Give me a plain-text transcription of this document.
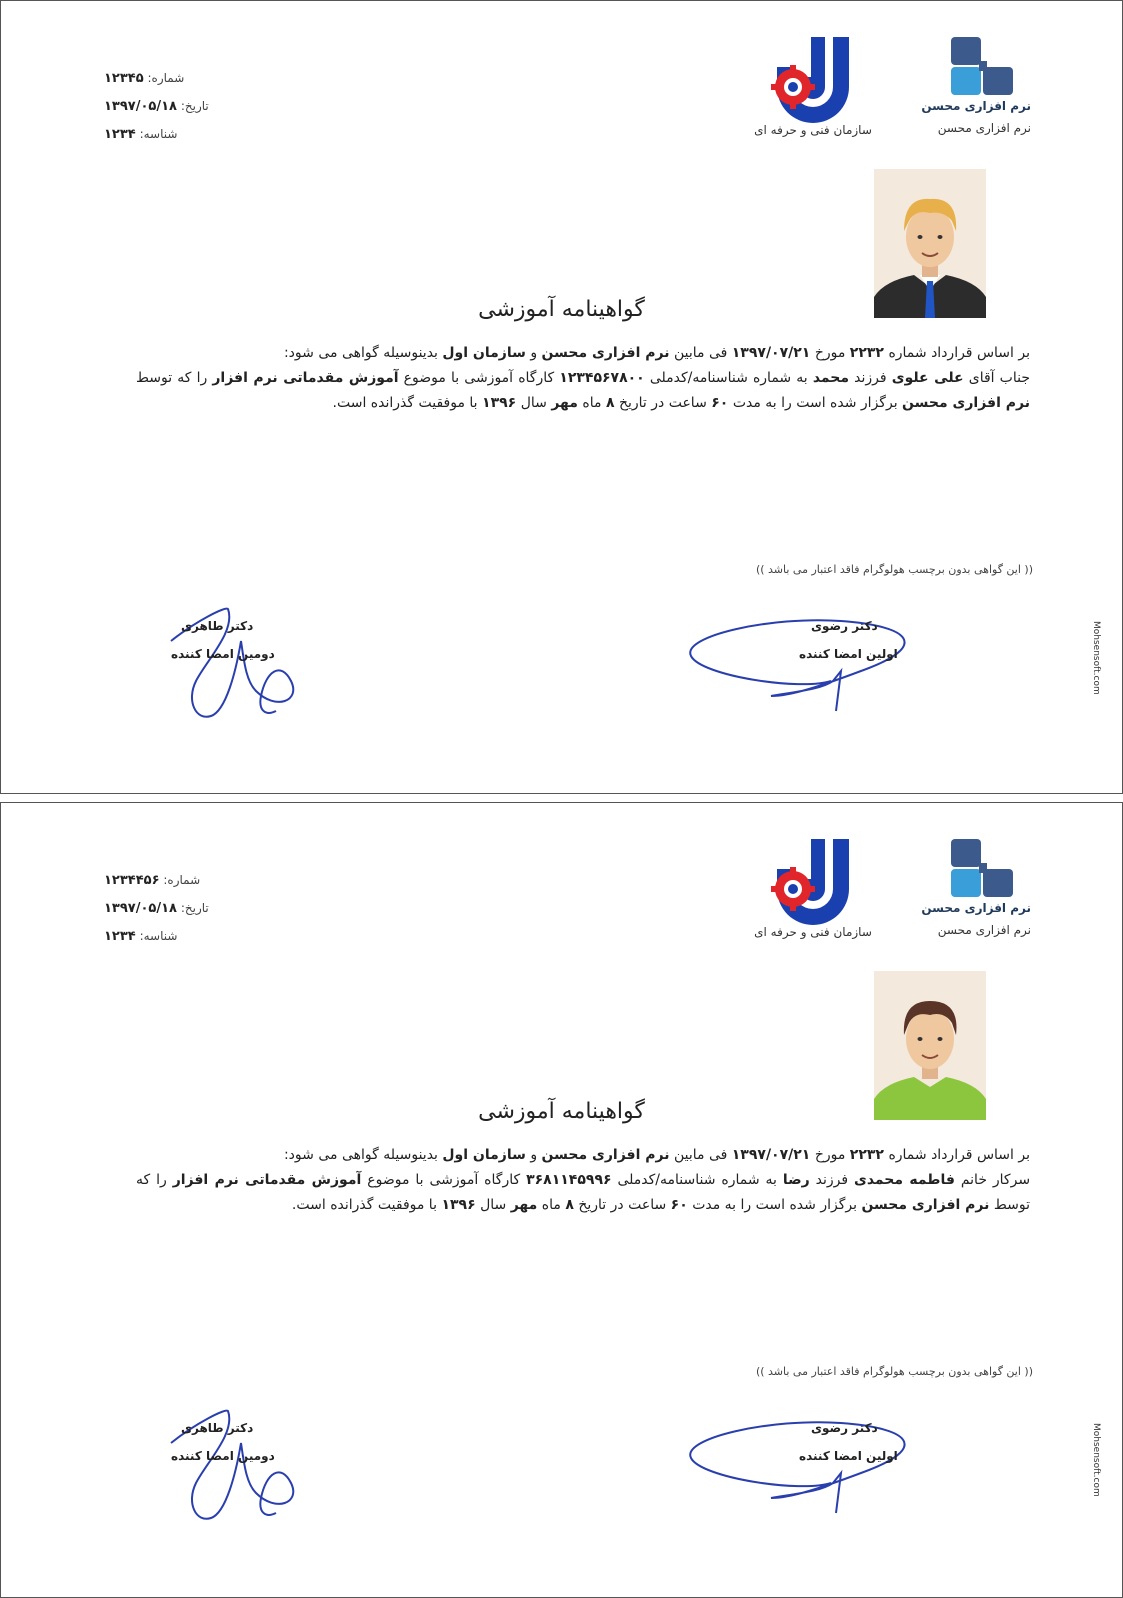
شماره: ۱۲۳۴۵
تاریخ: ۱۳۹۷/۰۵/۱۸
شناسه: ۱۲۳۴	سازمان فنی و حرفه ای
نرم افزاری محسن
نرم افزاری محسن
گواهینامه آموزشی
بر اساس قرارداد شماره ۲۲۳۲ مورخ ۱۳۹۷/۰۷/۲۱ فی مابین نرم افزاری محسن و سازمان اول بدینوسیله گواهی می شود:
جناب آقای علی علوی فرزند محمد به شماره شناسنامه/کدملی ۱۲۳۴۵۶۷۸۰۰ کارگاه آموزشی با موضوع آموزش مقدماتی نرم افزار را که توسط نرم افزاری محسن برگزار شده است را به مدت ۶۰ ساعت در تاریخ ۸ ماه مهر سال ۱۳۹۶ با موفقیت گذرانده است.
(( این گواهی بدون برچسب هولوگرام فاقد اعتبار می باشد ))
دکتر رضوی
اولین امضا کننده
دکتر طاهری
دومین امضا کننده	Mohsensoft.com
شماره: ۱۲۳۴۴۵۶
تاریخ: ۱۳۹۷/۰۵/۱۸
شناسه: ۱۲۳۴	سازمان فنی و حرفه ای
نرم افزاری محسن
نرم افزاری محسن
گواهینامه آموزشی
بر اساس قرارداد شماره ۲۲۳۲ مورخ ۱۳۹۷/۰۷/۲۱ فی مابین نرم افزاری محسن و سازمان اول بدینوسیله گواهی می شود:
سرکار خانم فاطمه محمدی فرزند رضا به شماره شناسنامه/کدملی ۳۶۸۱۱۴۵۹۹۶ کارگاه آموزشی با موضوع آموزش مقدماتی نرم افزار را که توسط نرم افزاری محسن برگزار شده است را به مدت ۶۰ ساعت در تاریخ ۸ ماه مهر سال ۱۳۹۶ با موفقیت گذرانده است.
(( این گواهی بدون برچسب هولوگرام فاقد اعتبار می باشد ))
دکتر رضوی
اولین امضا کننده
دکتر طاهری
دومین امضا کننده	Mohsensoft.com
